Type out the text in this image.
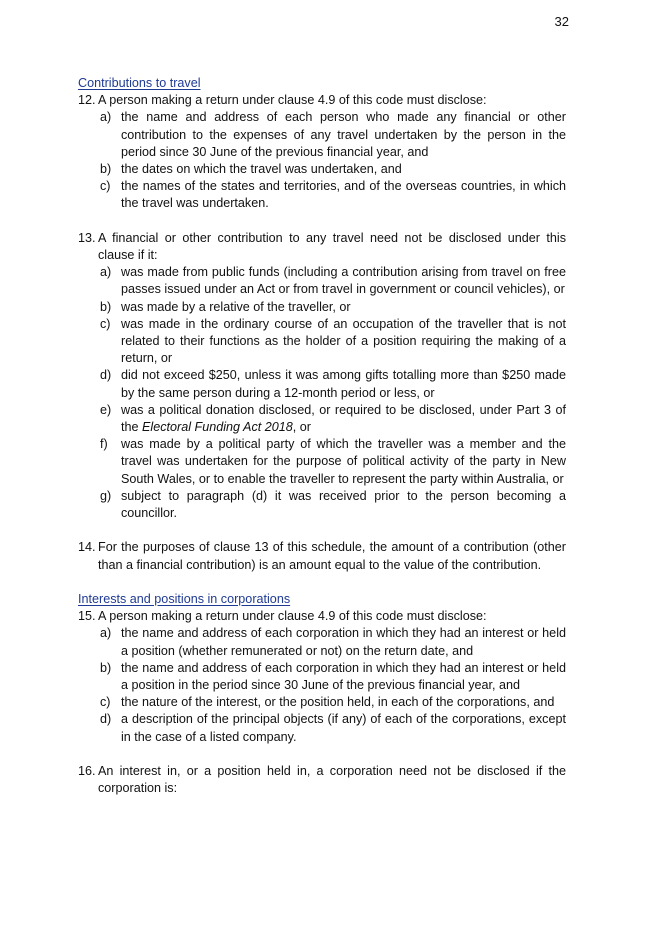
32
Contributions to travel
12. A person making a return under clause 4.9 of this code must disclose:
a) the name and address of each person who made any financial or other contribution to the expenses of any travel undertaken by the person in the period since 30 June of the previous financial year, and
b) the dates on which the travel was undertaken, and
c) the names of the states and territories, and of the overseas countries, in which the travel was undertaken.
13. A financial or other contribution to any travel need not be disclosed under this clause if it:
a) was made from public funds (including a contribution arising from travel on free passes issued under an Act or from travel in government or council vehicles), or
b) was made by a relative of the traveller, or
c) was made in the ordinary course of an occupation of the traveller that is not related to their functions as the holder of a position requiring the making of a return, or
d) did not exceed $250, unless it was among gifts totalling more than $250 made by the same person during a 12-month period or less, or
e) was a political donation disclosed, or required to be disclosed, under Part 3 of the Electoral Funding Act 2018, or
f) was made by a political party of which the traveller was a member and the travel was undertaken for the purpose of political activity of the party in New South Wales, or to enable the traveller to represent the party within Australia, or
g) subject to paragraph (d) it was received prior to the person becoming a councillor.
14. For the purposes of clause 13 of this schedule, the amount of a contribution (other than a financial contribution) is an amount equal to the value of the contribution.
Interests and positions in corporations
15. A person making a return under clause 4.9 of this code must disclose:
a) the name and address of each corporation in which they had an interest or held a position (whether remunerated or not) on the return date, and
b) the name and address of each corporation in which they had an interest or held a position in the period since 30 June of the previous financial year, and
c) the nature of the interest, or the position held, in each of the corporations, and
d) a description of the principal objects (if any) of each of the corporations, except in the case of a listed company.
16. An interest in, or a position held in, a corporation need not be disclosed if the corporation is:
